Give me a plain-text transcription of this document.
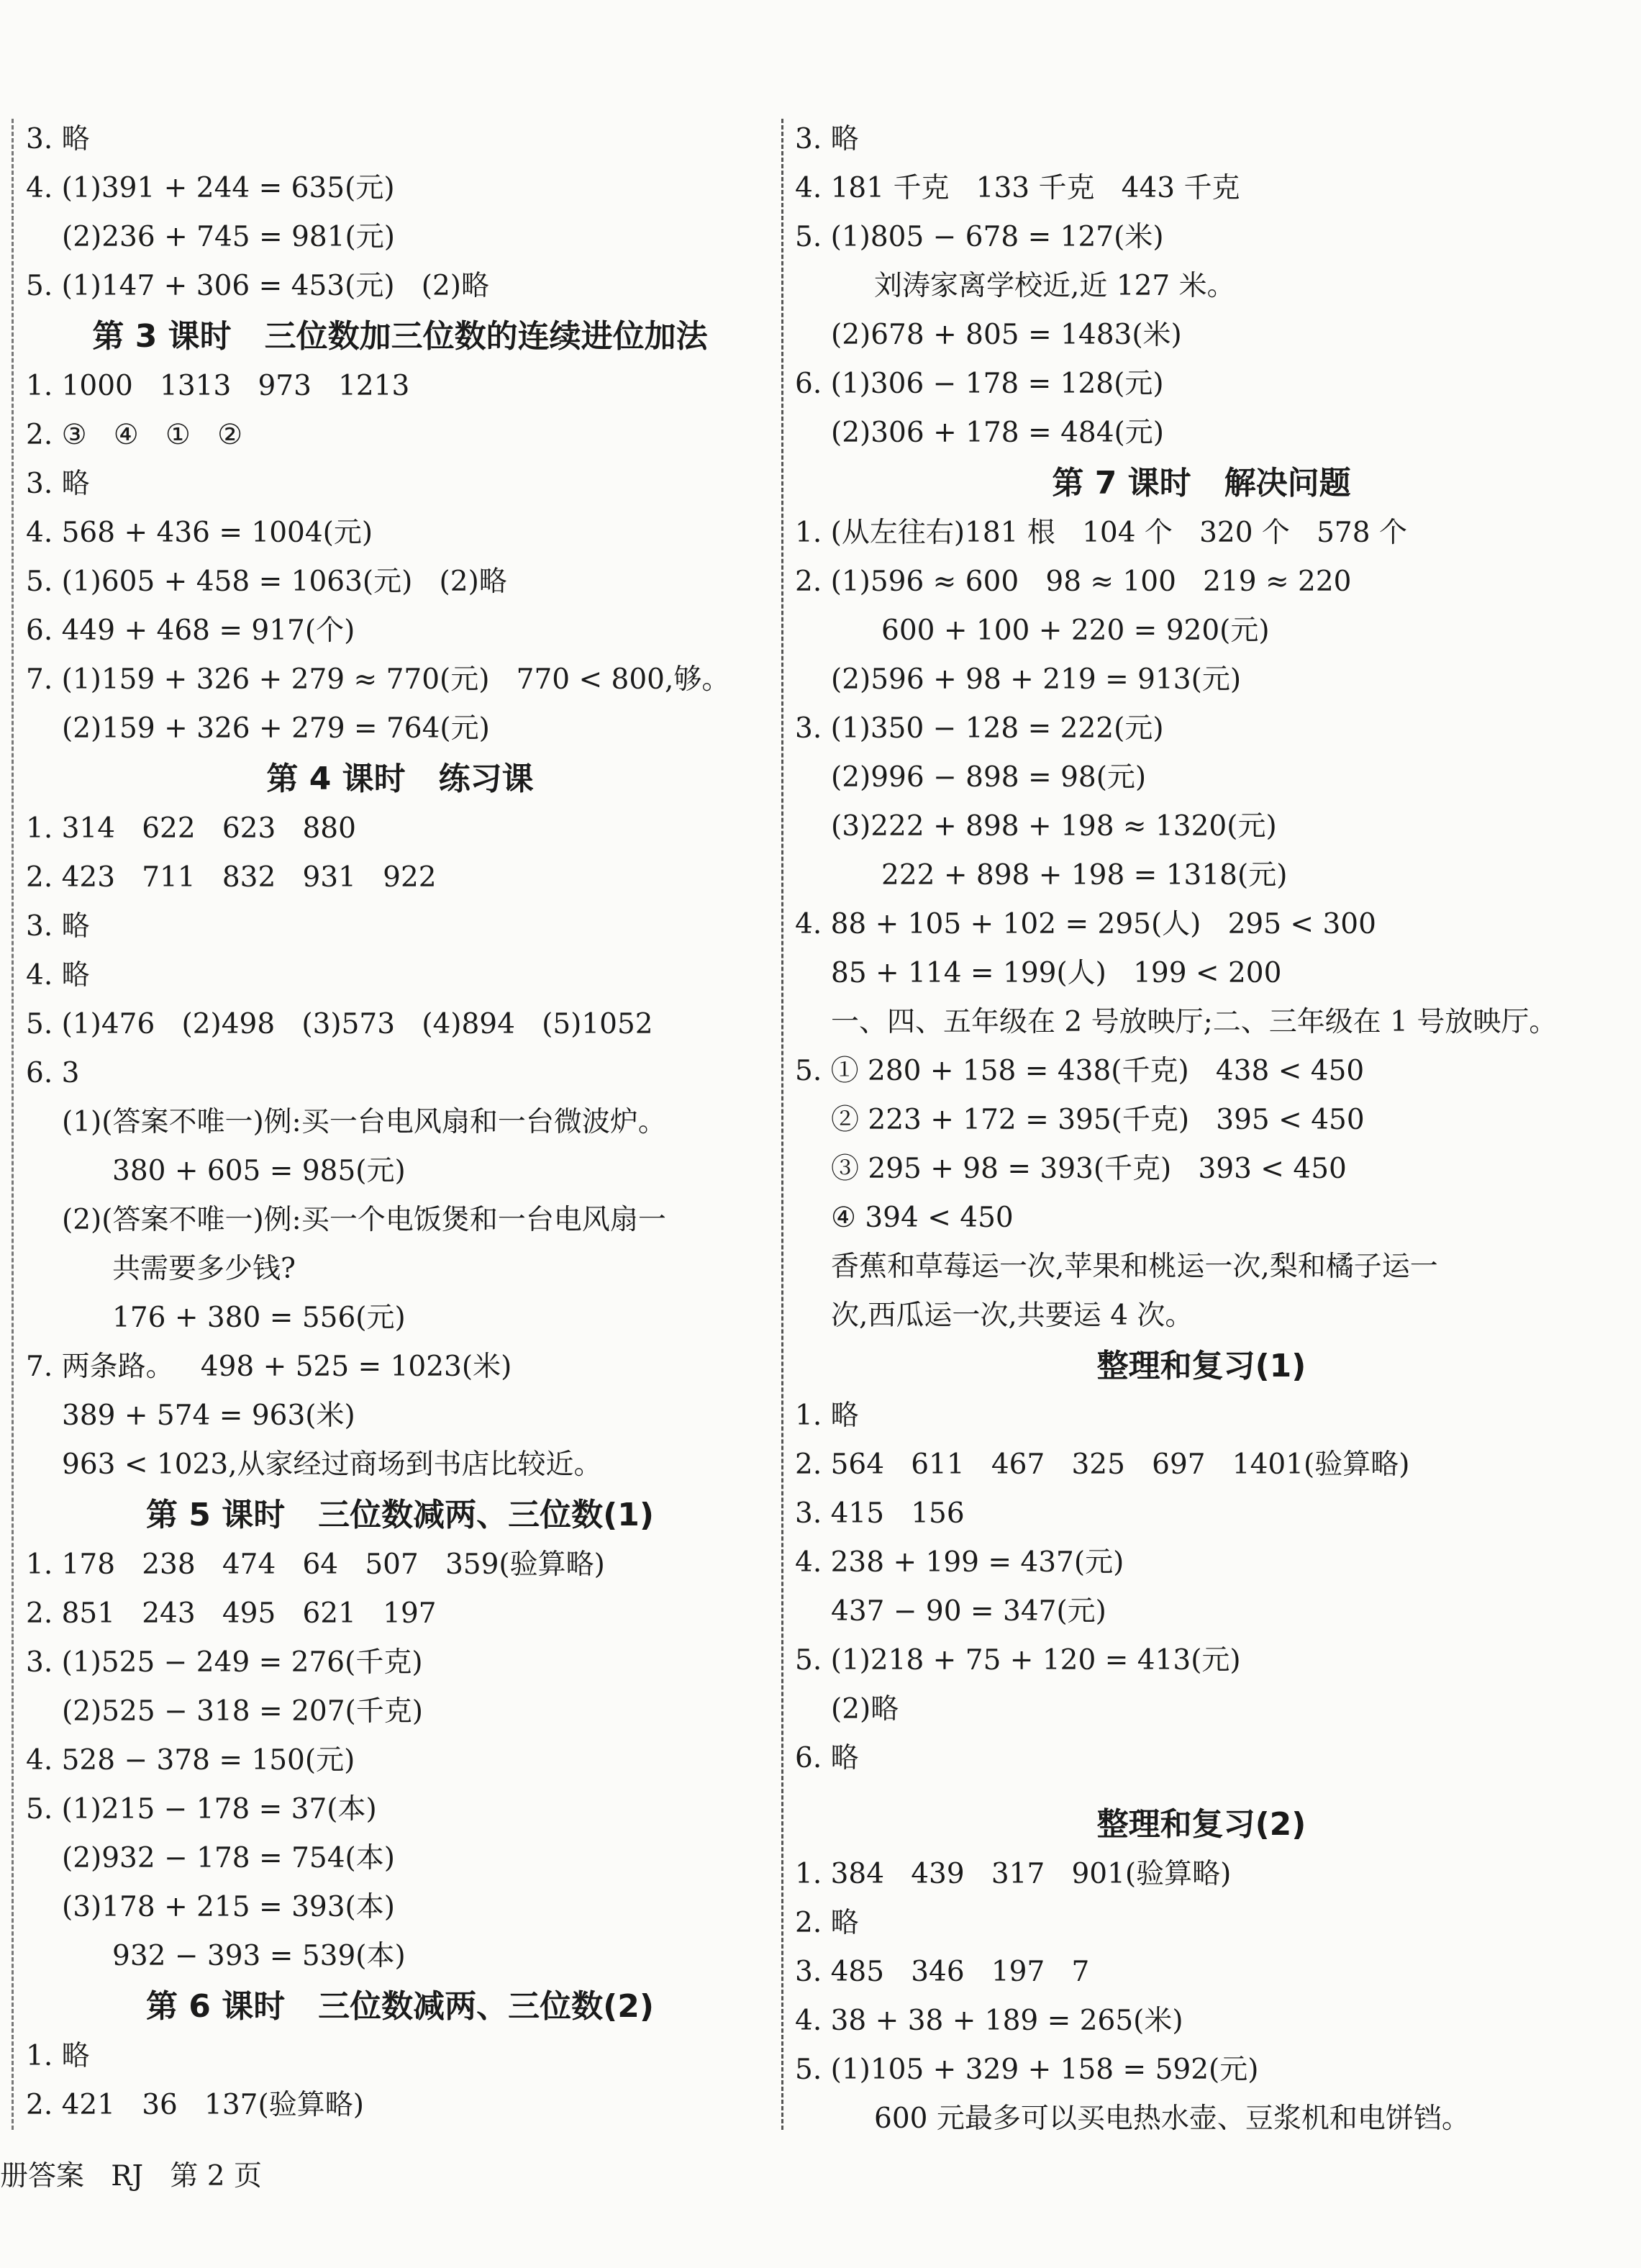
3. 略
4. (1)391 + 244 = 635(元)
(2)236 + 745 = 981(元)
5. (1)147 + 306 = 453(元)   (2)略
第 3 课时   三位数加三位数的连续进位加法
1. 1000   1313   973   1213
2. ③   ④   ①   ②
3. 略
4. 568 + 436 = 1004(元)
5. (1)605 + 458 = 1063(元)   (2)略
6. 449 + 468 = 917(个)
7. (1)159 + 326 + 279 ≈ 770(元)   770 < 800,够。
(2)159 + 326 + 279 = 764(元)
第 4 课时   练习课
1. 314   622   623   880
2. 423   711   832   931   922
3. 略
4. 略
5. (1)476   (2)498   (3)573   (4)894   (5)1052
6. 3
(1)(答案不唯一)例:买一台电风扇和一台微波炉。
380 + 605 = 985(元)
(2)(答案不唯一)例:买一个电饭煲和一台电风扇一
共需要多少钱?
176 + 380 = 556(元)
7. 两条路。   498 + 525 = 1023(米)
389 + 574 = 963(米)
963 < 1023,从家经过商场到书店比较近。
第 5 课时   三位数减两、三位数(1)
1. 178   238   474   64   507   359(验算略)
2. 851   243   495   621   197
3. (1)525 − 249 = 276(千克)
(2)525 − 318 = 207(千克)
4. 528 − 378 = 150(元)
5. (1)215 − 178 = 37(本)
(2)932 − 178 = 754(本)
(3)178 + 215 = 393(本)
932 − 393 = 539(本)
第 6 课时   三位数减两、三位数(2)
1. 略
2. 421   36   137(验算略)
3. 略
4. 181 千克   133 千克   443 千克
5. (1)805 − 678 = 127(米)
刘涛家离学校近,近 127 米。
(2)678 + 805 = 1483(米)
6. (1)306 − 178 = 128(元)
(2)306 + 178 = 484(元)
第 7 课时   解决问题
1. (从左往右)181 根   104 个   320 个   578 个
2. (1)596 ≈ 600   98 ≈ 100   219 ≈ 220
600 + 100 + 220 = 920(元)
(2)596 + 98 + 219 = 913(元)
3. (1)350 − 128 = 222(元)
(2)996 − 898 = 98(元)
(3)222 + 898 + 198 ≈ 1320(元)
222 + 898 + 198 = 1318(元)
4. 88 + 105 + 102 = 295(人)   295 < 300
85 + 114 = 199(人)   199 < 200
一、四、五年级在 2 号放映厅;二、三年级在 1 号放映厅。
5. ① 280 + 158 = 438(千克)   438 < 450
② 223 + 172 = 395(千克)   395 < 450
③ 295 + 98 = 393(千克)   393 < 450
④ 394 < 450
香蕉和草莓运一次,苹果和桃运一次,梨和橘子运一
次,西瓜运一次,共要运 4 次。
整理和复习(1)
1. 略
2. 564   611   467   325   697   1401(验算略)
3. 415   156
4. 238 + 199 = 437(元)
437 − 90 = 347(元)
5. (1)218 + 75 + 120 = 413(元)
(2)略
6. 略
整理和复习(2)
1. 384   439   317   901(验算略)
2. 略
3. 485   346   197   7
4. 38 + 38 + 189 = 265(米)
5. (1)105 + 329 + 158 = 592(元)
600 元最多可以买电热水壶、豆浆机和电饼铛。
册答案   RJ   第 2 页
